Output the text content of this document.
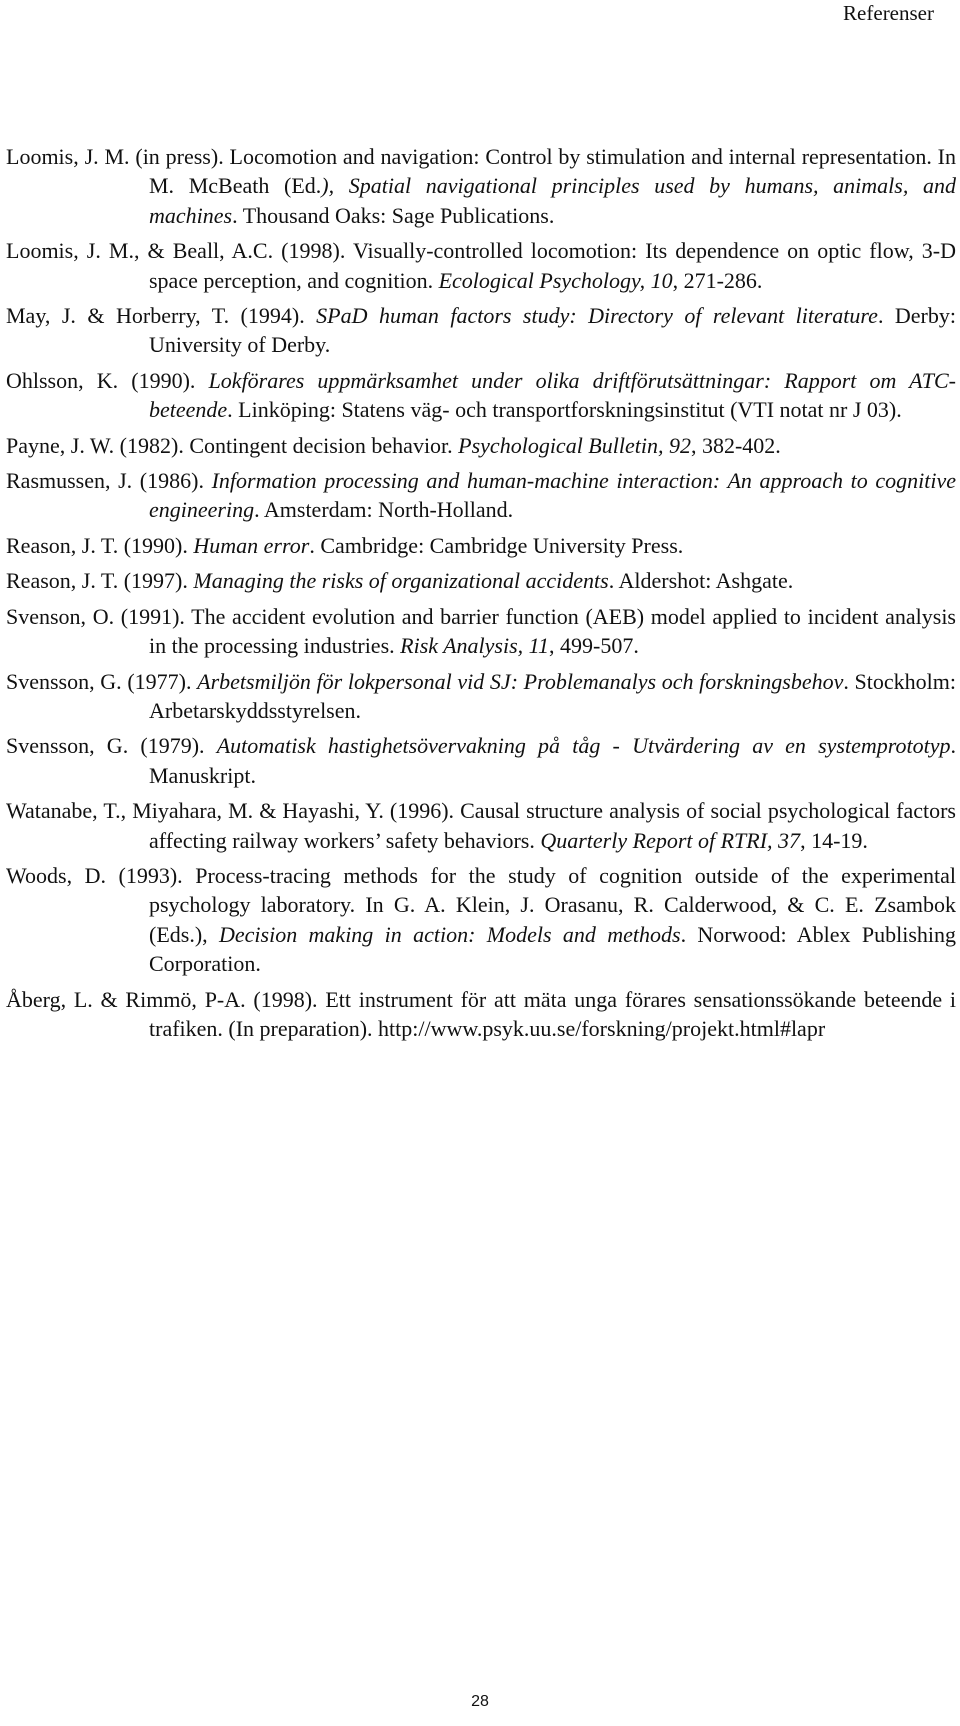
Referenser

Loomis, J. M. (in press). Locomotion and navigation: Control by stimulation and internal representation. In M. McBeath (Ed.), Spatial navigational principles used by humans, animals, and machines. Thousand Oaks: Sage Publications.

Loomis, J. M., & Beall, A.C. (1998). Visually-controlled locomotion: Its dependence on optic flow, 3-D space perception, and cognition. Ecological Psychology, 10, 271-286.

May, J. & Horberry, T. (1994). SPaD human factors study: Directory of relevant literature. Derby: University of Derby.

Ohlsson, K. (1990). Lokförares uppmärksamhet under olika driftförutsättningar: Rapport om ATC-beteende. Linköping: Statens väg- och transportforskningsinstitut (VTI notat nr J 03).

Payne, J. W. (1982). Contingent decision behavior. Psychological Bulletin, 92, 382-402.

Rasmussen, J. (1986). Information processing and human-machine interaction: An approach to cognitive engineering. Amsterdam: North-Holland.

Reason, J. T. (1990). Human error. Cambridge: Cambridge University Press.

Reason, J. T. (1997). Managing the risks of organizational accidents. Aldershot: Ashgate.

Svenson, O. (1991). The accident evolution and barrier function (AEB) model applied to incident analysis in the processing industries. Risk Analysis, 11, 499-507.

Svensson, G. (1977). Arbetsmiljön för lokpersonal vid SJ: Problemanalys och forskningsbehov. Stockholm: Arbetarskyddsstyrelsen.

Svensson, G. (1979). Automatisk hastighetsövervakning på tåg - Utvärdering av en systemprototyp. Manuskript.

Watanabe, T., Miyahara, M. & Hayashi, Y. (1996). Causal structure analysis of social psychological factors affecting railway workers’ safety behaviors. Quarterly Report of RTRI, 37, 14-19.

Woods, D. (1993). Process-tracing methods for the study of cognition outside of the experimental psychology laboratory. In G. A. Klein, J. Orasanu, R. Calderwood, & C. E. Zsambok (Eds.), Decision making in action: Models and methods. Norwood: Ablex Publishing Corporation.

Åberg, L. & Rimmö, P-A. (1998). Ett instrument för att mäta unga förares sensationssökande beteende i trafiken. (In preparation). http://www.psyk.uu.se/forskning/projekt.html#lapr

28
